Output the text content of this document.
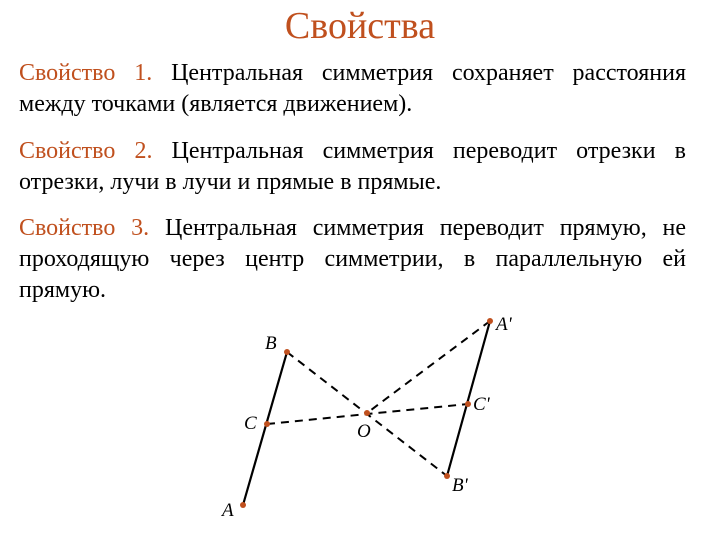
Свойства
Свойство 1. Центральная симметрия сохраняет расстояния между точками (является движением).
Свойство 2. Центральная симметрия переводит отрезки в отрезки, лучи в лучи и прямые в прямые.
Свойство 3. Центральная симметрия переводит прямую, не проходящую через центр симметрии, в параллельную ей прямую.
A
B
C	O
A'
B'
C'
